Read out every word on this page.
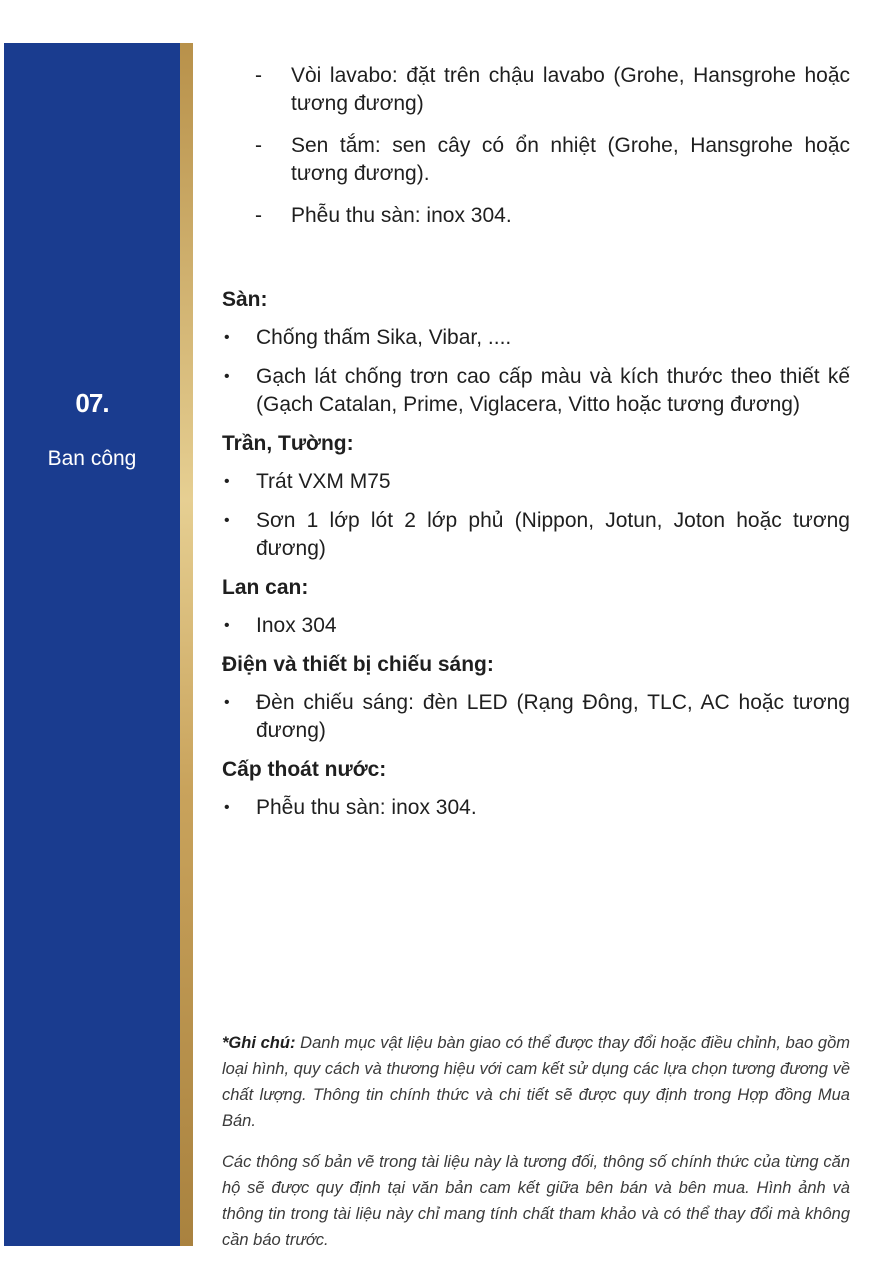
07.
Ban công
- Vòi lavabo: đặt trên chậu lavabo (Grohe, Hansgrohe hoặc tương đương)
- Sen tắm: sen cây có ổn nhiệt (Grohe, Hansgrohe hoặc tương đương).
- Phễu thu sàn: inox 304.
Sàn:
• Chống thấm Sika, Vibar, ....
• Gạch lát chống trơn cao cấp màu và kích thước theo thiết kế (Gạch Catalan, Prime, Viglacera, Vitto hoặc tương đương)
Trần, Tường:
• Trát VXM M75
• Sơn 1 lớp lót 2 lớp phủ (Nippon, Jotun, Joton hoặc tương đương)
Lan can:
• Inox 304
Điện và thiết bị chiếu sáng:
• Đèn chiếu sáng: đèn LED (Rạng Đông, TLC, AC hoặc tương đương)
Cấp thoát nước:
• Phễu thu sàn: inox 304.

*Ghi chú: Danh mục vật liệu bàn giao có thể được thay đổi hoặc điều chỉnh, bao gồm loại hình, quy cách và thương hiệu với cam kết sử dụng các lựa chọn tương đương về chất lượng. Thông tin chính thức và chi tiết sẽ được quy định trong Hợp đồng Mua Bán.

Các thông số bản vẽ trong tài liệu này là tương đối, thông số chính thức của từng căn hộ sẽ được quy định tại văn bản cam kết giữa bên bán và bên mua. Hình ảnh và thông tin trong tài liệu này chỉ mang tính chất tham khảo và có thể thay đổi mà không cần báo trước.
